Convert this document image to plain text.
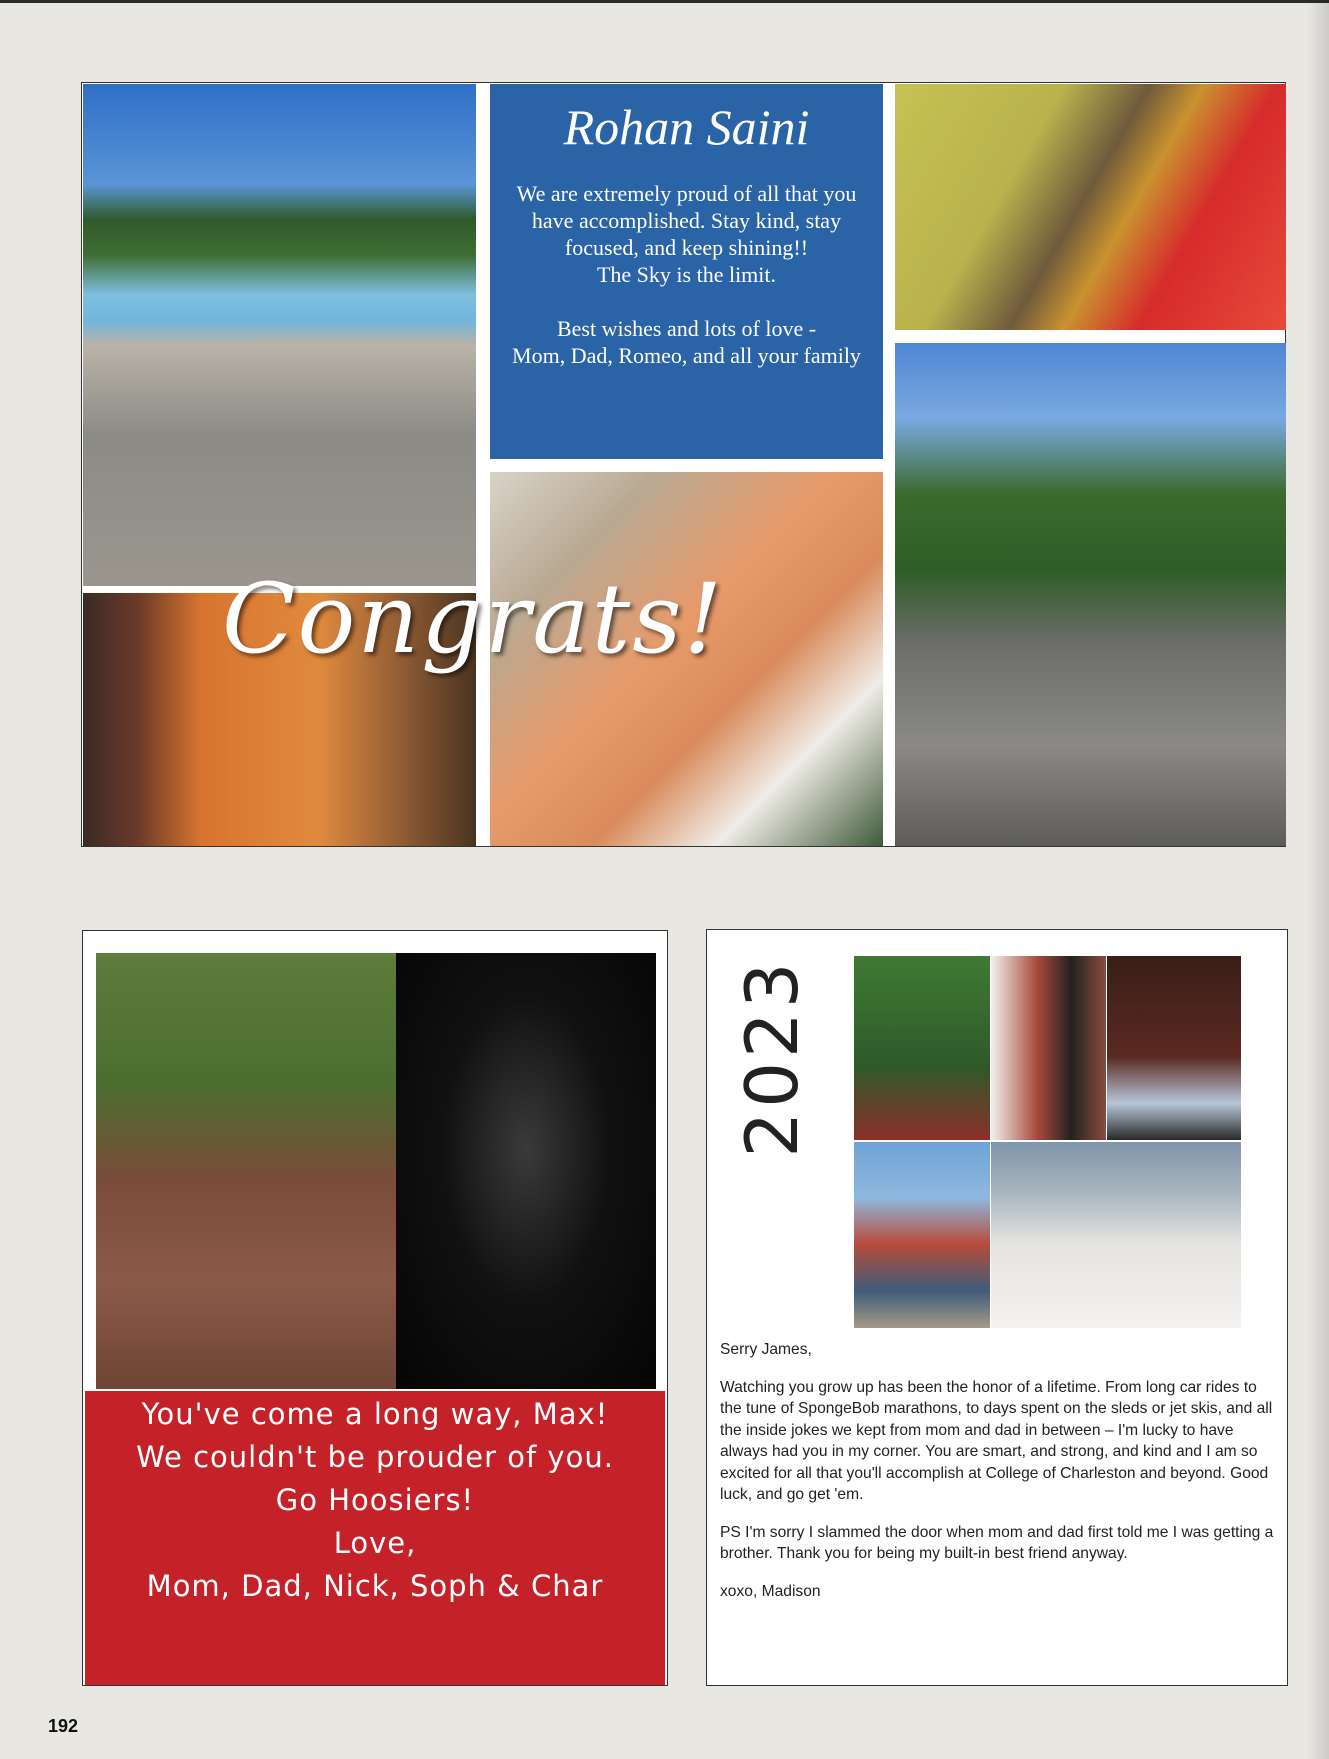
Rohan Saini
We are extremely proud of all that you have accomplished. Stay kind, stay focused, and keep shining!!
The Sky is the limit.

Best wishes and lots of love -
Mom, Dad, Romeo, and all your family
Congrats!
You've come a long way, Max!
We couldn't be prouder of you.
Go Hoosiers!
Love,
Mom, Dad, Nick, Soph & Char
2023

Serry James,

Watching you grow up has been the honor of a lifetime. From long car rides to the tune of SpongeBob marathons, to days spent on the sleds or jet skis, and all the inside jokes we kept from mom and dad in between – I'm lucky to have always had you in my corner. You are smart, and strong, and kind and I am so excited for all that you'll accomplish at College of Charleston and beyond. Good luck, and go get 'em.

PS I'm sorry I slammed the door when mom and dad first told me I was getting a brother. Thank you for being my built-in best friend anyway.

xoxo, Madison

192
